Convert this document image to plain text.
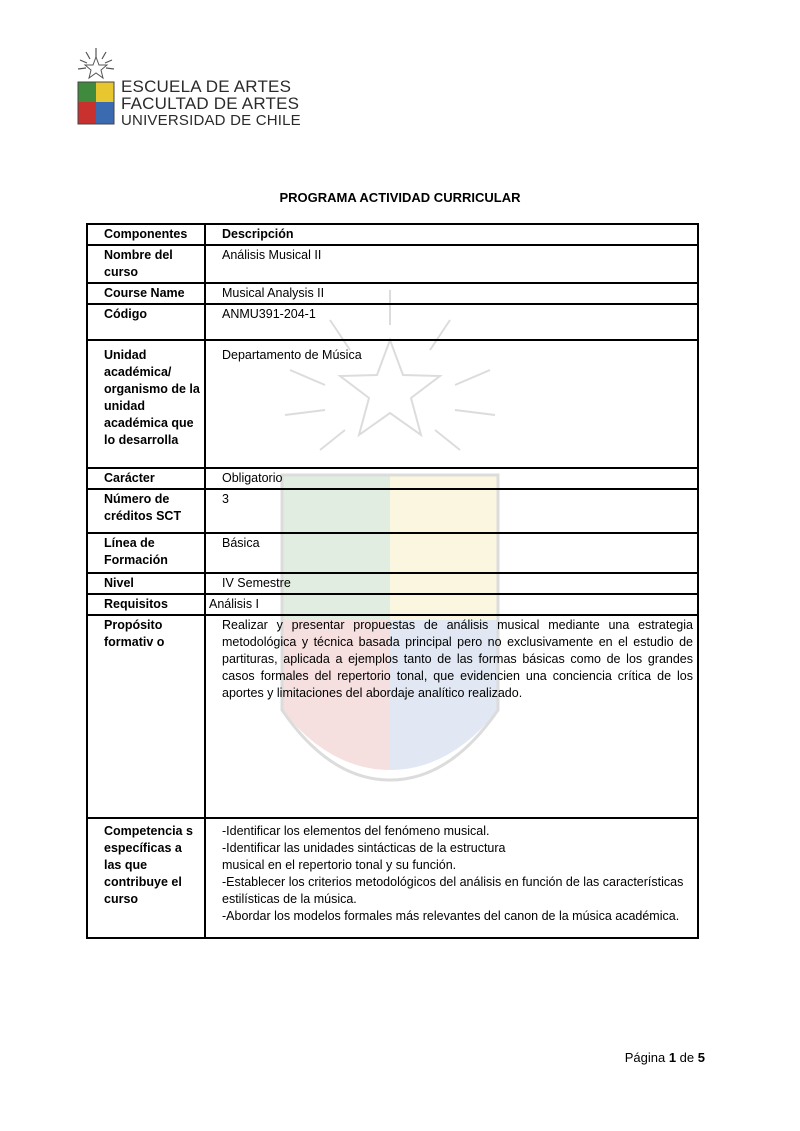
ESCUELA DE ARTES
FACULTAD DE ARTES
UNIVERSIDAD DE CHILE
PROGRAMA ACTIVIDAD CURRICULAR
Componentes	Descripción
Nombre del curso	Análisis Musical II
Course Name	Musical Analysis II
Código	ANMU391-204-1
Unidad académica/ organismo de la unidad académica que lo desarrolla	Departamento de Música
Carácter	Obligatorio
Número de créditos SCT	3
Línea de Formación	Básica
Nivel	IV Semestre
Requisitos	Análisis I
Propósito formativ o	Realizar y presentar propuestas de análisis musical mediante una estrategia metodológica y técnica basada principal pero no exclusivamente en el estudio de partituras, aplicada a ejemplos tanto de las formas básicas como de los grandes casos formales del repertorio tonal, que evidencien una conciencia crítica de los aportes y limitaciones del abordaje analítico realizado.
Competencia s específicas a las que contribuye el curso	-Identificar los elementos del fenómeno musical.
-Identificar las unidades sintácticas de la estructura
musical en el repertorio tonal y su función.
-Establecer los criterios metodológicos del análisis en función de las características estilísticas de la música.
-Abordar los modelos formales más relevantes del canon de la música académica.
Página 1 de 5
